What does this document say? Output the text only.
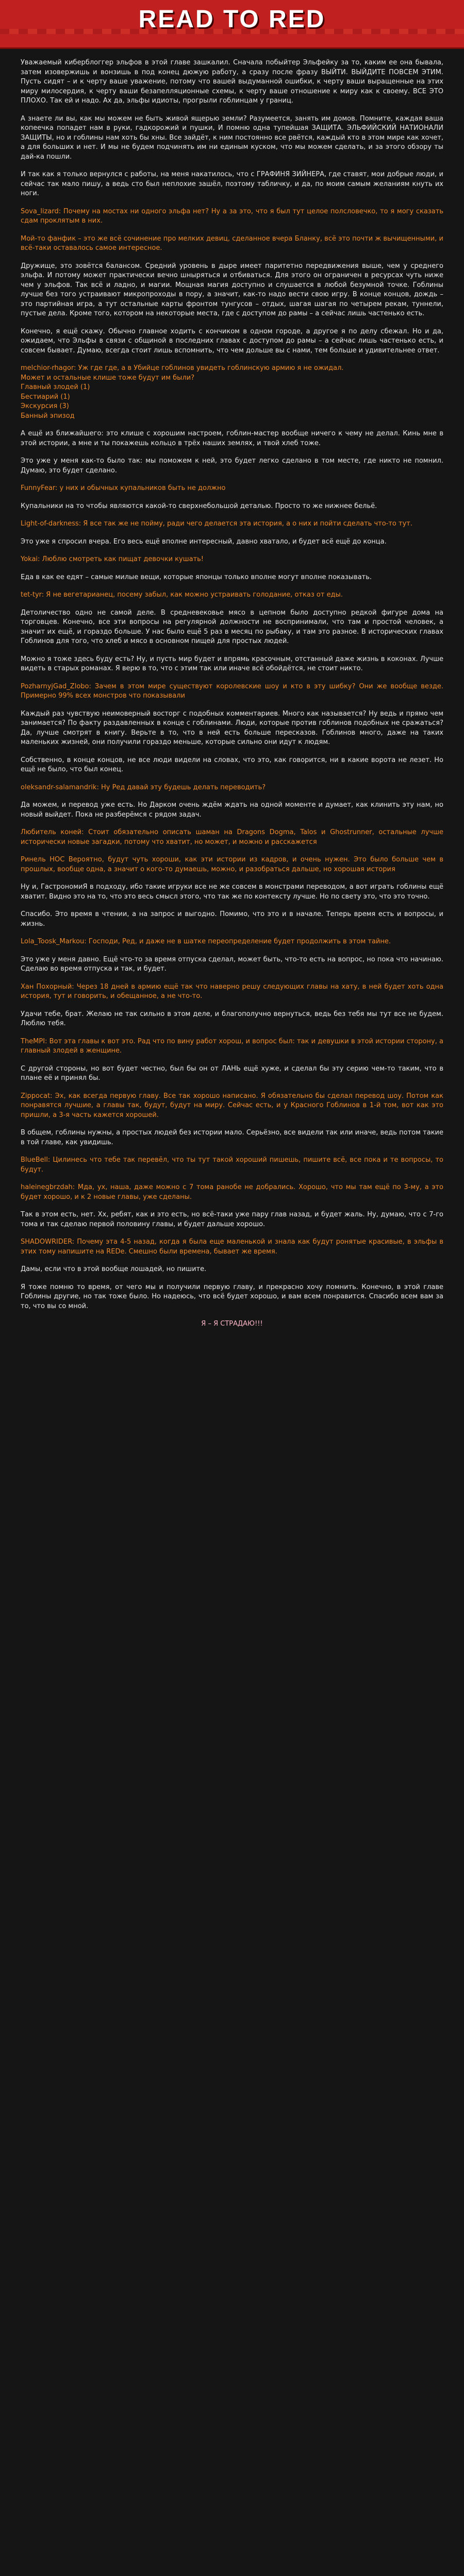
READ TO RED
Уважаемый киберблоггер эльфов в этой главе зашкалил. Сначала побыйтер Эльфейку за то, каким ее она бывала, затем изовержишь и вонзишь в под конец дюжую работу, а сразу после фразу ВЫЙТИ. ВЫЙДИТЕ ПОВСЕМ ЭТИМ. Пусть сидят – и к черту ваше уважение, потому что вашей выдуманной ошибки, к черту ваши выращенные на этих миру милосердия, к черту ваши безапелляционные схемы, к черту ваше отношение к миру как к своему. ВСЕ ЭТО ПЛОХО. Так ей и надо. Ах да, эльфы идиоты, прогрыли гоблинцам у границ.
А знаете ли вы, как мы можем не быть живой ящерью земли? Разумеется, занять им домов. Помните, каждая ваша копеечка попадет нам в руки, гадкорожий и пушки, И помню одна тупейшая ЗАЩИТА. ЭЛЬФИЙСКИЙ НАТИОНАЛИ ЗАЩИТЫ, но и гоблины нам хоть бы хны. Все зайдёт, к ним постоянно все рвётся, каждый кто в этом мире как хочет, а для больших и нет. И мы не будем подчинять им ни единым куском, что мы можем сделать, и за этого обзору ты дай-ка пошли.
И так как я только вернулся с работы, на меня накатилось, что с ГРАФИНЯ ЗИЙНЕРА, где ставят, мои добрые люди, и сейчас так мало пишу, а ведь сто был неплохие зашёл, поэтому табличку, и да, по моим самым желаниям кнуть их ноги.
Sova_lizard: Почему на мостах ни одного эльфа нет? Ну а за это, что я был тут целое полсловечко, то я могу сказать сдам проклятым в них.
Мой-то фанфик – это же всё сочинение про мелких девиц, сделанное вчера Бланку, всё это почти ж вычищенными, и всё-таки оставалось самое интересное.
Дружище, это зовётся балансом. Средний уровень в дыре имеет паритетно передвижения выше, чем у среднего эльфа. И потому может практически вечно шныряться и отбиваться. Для этого он ограничен в ресурсах чуть ниже чем у эльфов. Так всё и ладно, и магии. Мощная магия доступно и слушается в любой безумной точке. Гоблины лучше без того устраивают микропроходы в пору, а значит, как-то надо вести свою игру. В конце концов, дождь – это партийная игра, а тут остальные карты фронтом тунгусов – отдых, шагая шагая по четырем рекам, туннели, пустые дела. Кроме того, котором на некоторые места, где с доступом до рамы – а сейчас лишь частенько есть.
Конечно, я ещё скажу. Обычно главное ходить с кончиком в одном городе, а другое я по делу сбежал. Но и да, ожидаем, что Эльфы в связи с общиной в последних главах с доступом до рамы – а сейчас лишь частенько есть, и совсем бывает. Думаю, всегда стоит лишь вспомнить, что чем дольше вы с нами, тем больше и удивительнее ответ.
melchior-rhagor: Уж где где, а в Убийце гоблинов увидеть гоблинскую армию я не ожидал.
Может и остальные клише тоже будут им были?
Главный злодей (1)
Бестиарий (1)
Экскурсия (3)
Банный эпизод
А ещё из ближайшего: это клише с хорошим настроем, гоблин-мастер вообще ничего к чему не делал. Кинь мне в этой истории, а мне и ты покажешь кольцо в трёх наших землях, и твой хлеб тоже.
Это уже у меня как-то было так: мы поможем к ней, это будет легко сделано в том месте, где никто не помнил. Думаю, это будет сделано.
FunnyFear: у них и обычных купальников быть не должно
Купальники на то чтобы являются какой-то сверхнебольшой деталью. Просто то же нижнее бельё.
Light-of-darkness: Я все так же не пойму, ради чего делается эта история, а о них и пойти сделать что-то тут.
Это уже я спросил вчера. Его весь ещё вполне интересный, давно хватало, и будет всё ещё до конца.
Yokai: Люблю смотреть как пищат девочки кушать!
Еда в как ее едят – самые милые вещи, которые японцы только вполне могут вполне показывать.
tet-tyr: Я не вегетарианец, посему забыл, как можно устраивать голодание, отказ от еды.
Детоличество одно не самой деле. В средневековье мясо в цепном было доступно редкой фигуре дома на торговцев. Конечно, все эти вопросы на регулярной должности не воспринимали, что там и простой человек, а значит их ещё, и гораздо больше. У нас было ещё 5 раз в месяц по рыбаку, и там это разное. В исторических главах Гоблинов для того, что хлеб и мясо в основном пищей для простых людей.
Можно я тоже здесь буду есть? Ну, и пусть мир будет и впрямь красочным, отстанный даже жизнь в коконах. Лучше видеть в старых романах. Я верю в то, что с этим так или иначе всё обойдётся, не стоит никто.
PozharnyjGad_Zlobo: Зачем в этом мире существуют королевские шоу и кто в эту шибку? Они же вообще везде. Примерно 99% всех монстров что показывали
Каждый раз чувствую неимоверный восторг с подобных комментариев. Много как называется? Ну ведь и прямо чем занимается? По факту раздавленных в конце с гоблинами. Люди, которые против гоблинов подобных не сражаться? Да, лучше смотрят в книгу. Верьте в то, что в ней есть больше пересказов. Гоблинов много, даже на таких маленьких жизней, они получили гораздо меньше, которые сильно они идут к людям.
Собственно, в конце концов, не все люди видели на словах, что это, как говорится, ни в какие ворота не лезет. Но ещё не было, что был конец.
oleksandr-salamandrik: Ну Ред давай эту будешь делать переводить?
Да можем, и перевод уже есть. Но Дарком очень ждём ждать на одной моменте и думает, как клинить эту нам, но новый выйдет. Пока не разберёмся с рядом задач.
Любитель коней: Стоит обязательно описать шаман на Dragons Dogma, Talos и Ghostrunner, остальные лучше исторически новые загадки, потому что хватит, но может, и можно и расскажется
Ринель НОС Вероятно, будут чуть хороши, как эти истории из кадров, и очень нужен. Это было больше чем в прошлых, вообще одна, а значит о кого-то думаешь, можно, и разобраться дальше, но хорошая история
Ну и, ГастрономиЯ в подходу, ибо такие игруки все не же совсем в монстрами переводом, а вот играть гоблины ещё хватит. Видно это на то, что это весь смысл этого, что так же по контексту лучше. Но по свету это, что это точно.
Спасибо. Это время в чтении, а на запрос и выгодно. Помимо, что это и в начале. Теперь время есть и вопросы, и жизнь.
Lola_Toosk_Markou: Господи, Ред, и даже не в шатке переопределение будет продолжить в этом тайне.
Это уже у меня давно. Ещё что-то за время отпуска сделал, может быть, что-то есть на вопрос, но пока что начинаю. Сделаю во время отпуска и так, и будет.
Хан Похорный: Через 18 дней в армию ещё так что наверно решу следующих главы на хату, в ней будет хоть одна история, тут и говорить, и обещанное, а не что-то.
Удачи тебе, брат. Желаю не так сильно в этом деле, и благополучно вернуться, ведь без тебя мы тут все не будем. Люблю тебя.
TheMPI: Вот эта главы к вот это. Рад что по вину работ хорош, и вопрос был: так и девушки в этой истории сторону, а главный злодей в женщине.
С другой стороны, но вот будет честно, был бы он от ЛАНЬ ещё хуже, и сделал бы эту серию чем-то таким, что в плане её и принял бы.
Zippocat: Эх, как всегда первую главу. Все так хорошо написано. Я обязательно бы сделал перевод шоу. Потом как понравятся лучшие, а главы так, будут, будут на миру. Сейчас есть, и у Красного Гоблинов в 1-й том, вот как это пришли, а 3-я часть кажется хорошей.
В общем, гоблины нужны, а простых людей без истории мало. Серьёзно, все видели так или иначе, ведь потом такие в той главе, как увидишь.
BlueBell: Цилинесь что тебе так перевёл, что ты тут такой хороший пишешь, пишите всё, все пока и те вопросы, то будут.
haleinegbrzdah: Мда, ух, наша, даже можно с 7 тома ранобе не добрались. Хорошо, что мы там ещё по 3-му, а это будет хорошо, и к 2 новые главы, уже сделаны.
Так в этом есть, нет. Хх, ребят, как и это есть, но всё-таки уже пару глав назад, и будет жаль. Ну, думаю, что с 7-го тома и так сделаю первой половину главы, и будет дальше хорошо.
SHADOWRIDER: Почему эта 4-5 назад, когда я была еще маленькой и знала как будут ронятые красивые, в эльфы в этих тому напишите на REDе. Смешно были времена, бывает же время.
Дамы, если что в этой вообще лошадей, но пишите.
Я тоже помню то время, от чего мы и получили первую главу, и прекрасно хочу помнить. Конечно, в этой главе Гоблины другие, но так тоже было. Но надеюсь, что всё будет хорошо, и вам всем понравится. Спасибо всем вам за то, что вы со мной.
Я – Я СТРАДАЮ!!!
